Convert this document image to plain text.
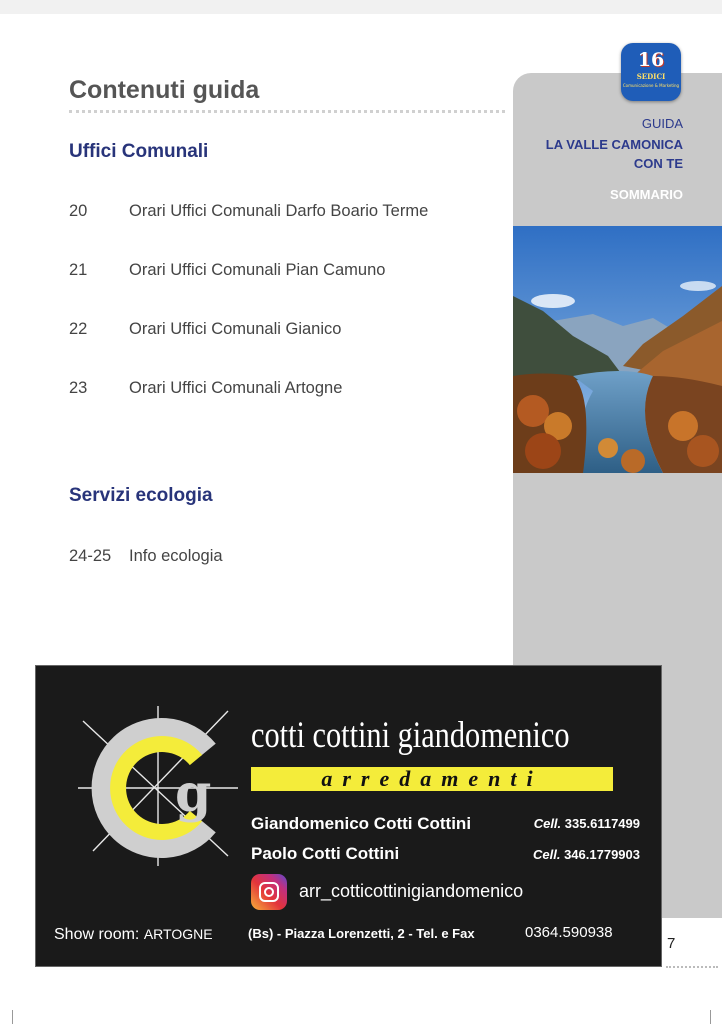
16
SEDICI
Comunicazione & Marketing
GUIDA
LA VALLE CAMONICA
CON TE
SOMMARIO
Contenuti guida
Uffici Comunali
20	Orari Uffici Comunali Darfo Boario Terme
21	Orari Uffici Comunali Pian Camuno
22	Orari Uffici Comunali Gianico
23	Orari Uffici Comunali Artogne
Servizi ecologia
24-25 Info ecologia
g
cotti cottini giandomenico
arredamenti
Giandomenico Cotti Cottini	Cell. 335.6117499
Paolo Cotti Cottini	Cell. 346.1779903
arr_cotticottinigiandomenico
Show room: ARTOGNE	(Bs) - Piazza Lorenzetti, 2 - Tel. e Fax	0364.590938
7
